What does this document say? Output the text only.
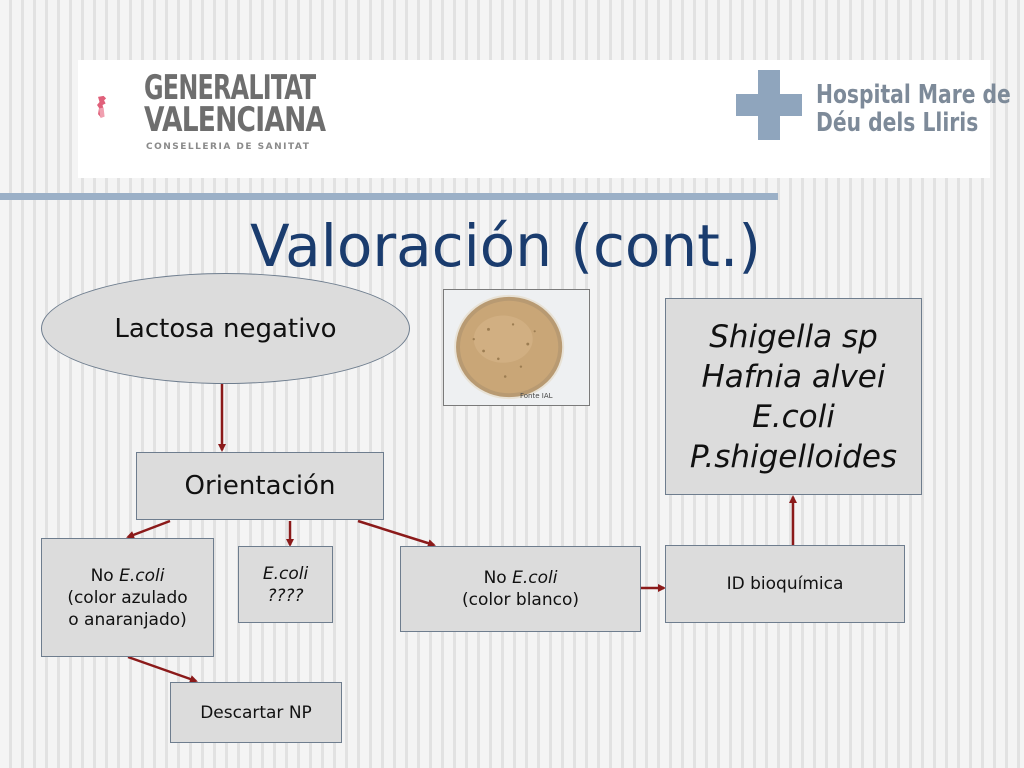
GENERALITAT
VALENCIANA
CONSELLERIA DE SANITAT
Hospital Mare de
Déu dels Lliris
Valoración (cont.)
Lactosa negativo
Orientación
Shigella sp
Hafnia alvei
E.coli
P.shigelloides
No E.coli
(color azulado
o anaranjado)
E.coli
????
No E.coli
(color blanco)
ID bioquímica
Descartar NP
Fonte IAL
